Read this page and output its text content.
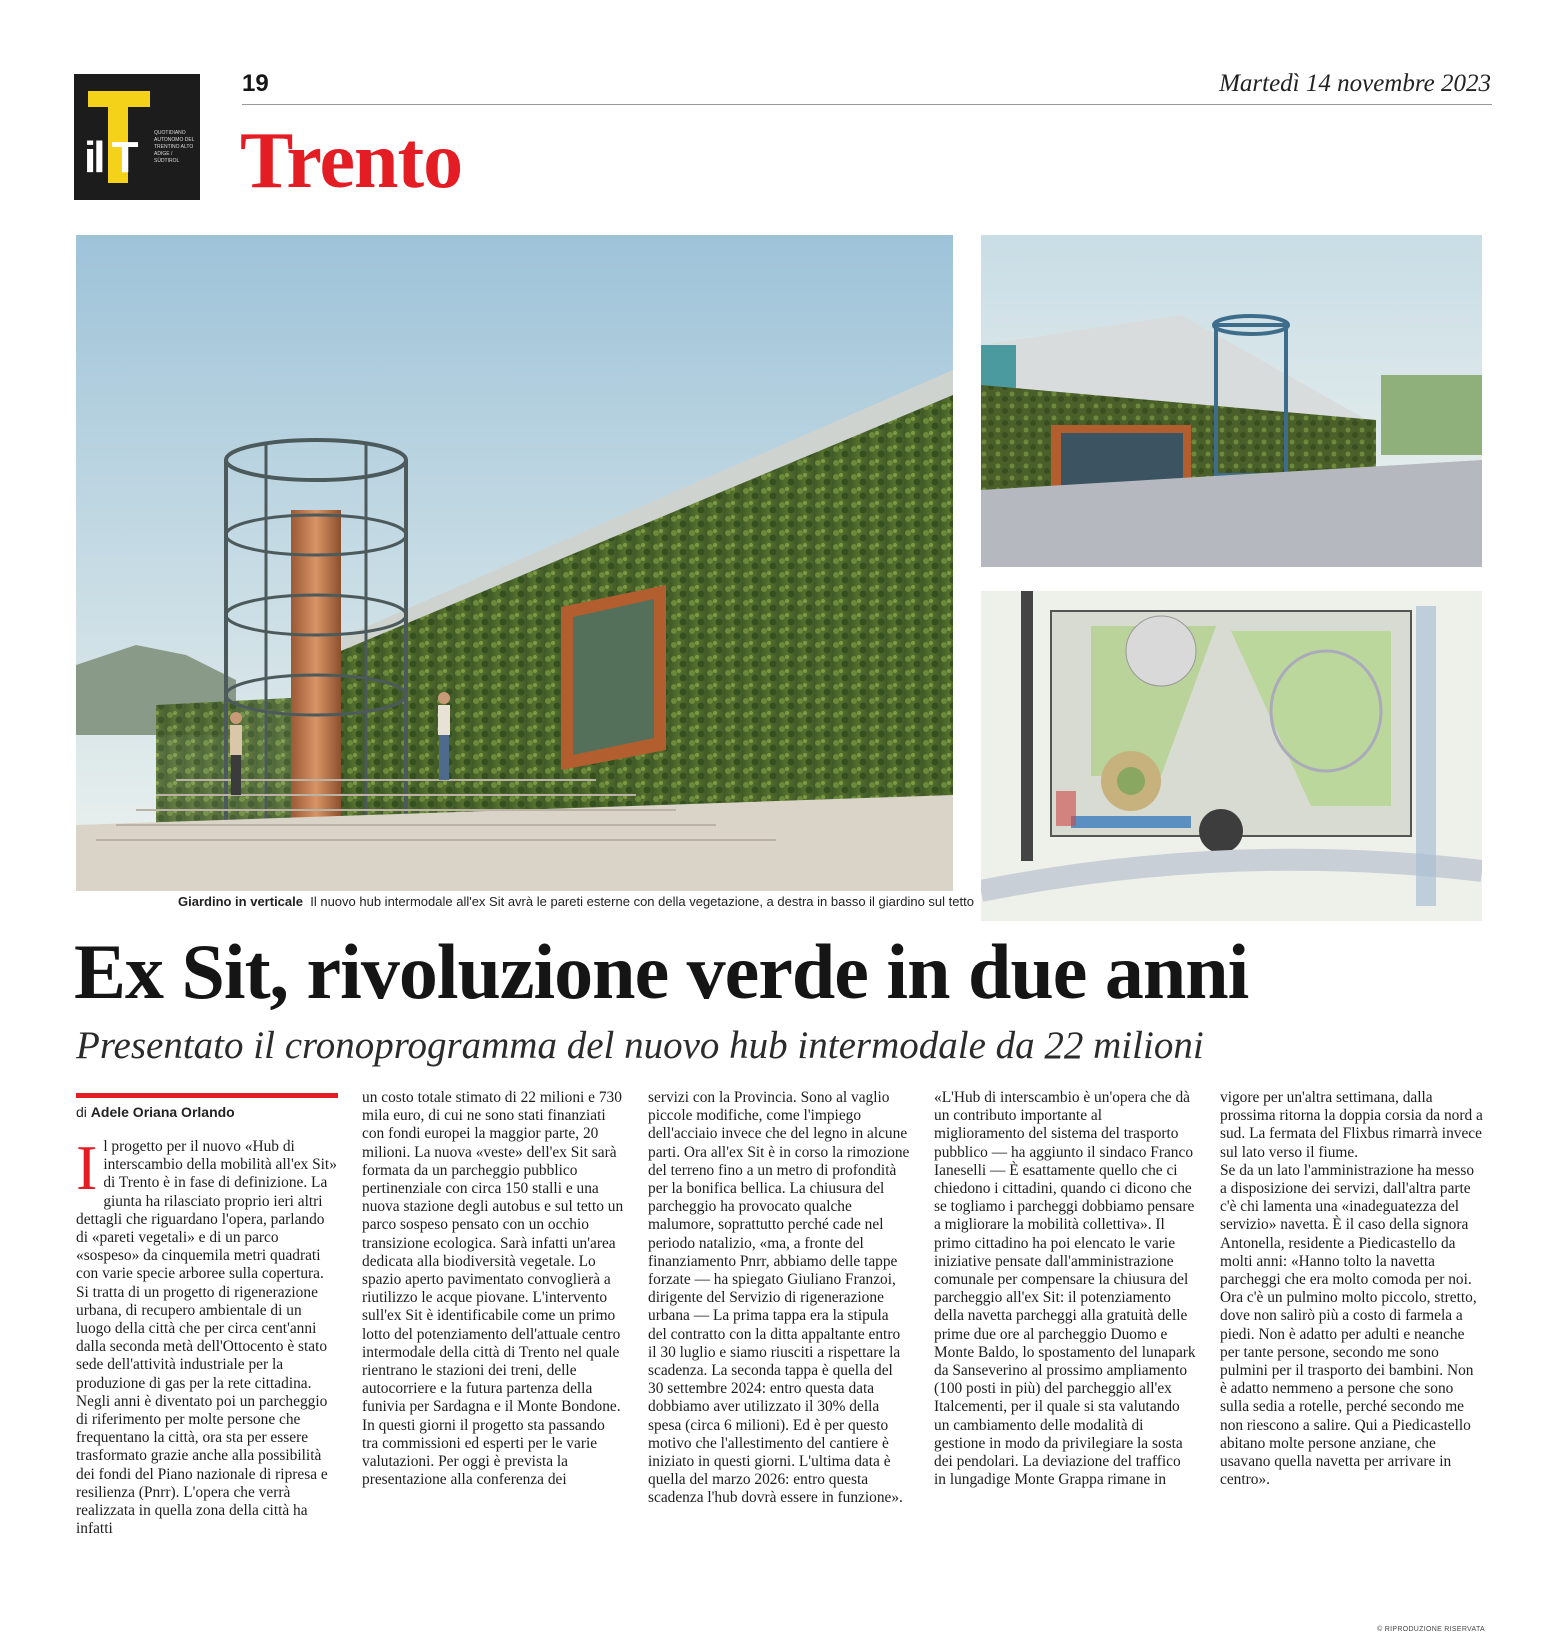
il T	QUOTIDIANO AUTONOMO DEL TRENTINO ALTO ADIGE / SÜDTIROL
19	Martedì 14 novembre 2023
Trento
Giardino in verticale Il nuovo hub intermodale all'ex Sit avrà le pareti esterne con della vegetazione, a destra in basso il giardino sul tetto
Ex Sit, rivoluzione verde in due anni
Presentato il cronoprogramma del nuovo hub intermodale da 22 milioni
di Adele Oriana Orlando
Il progetto per il nuovo «Hub di interscambio della mobilità all'ex Sit» di Trento è in fase di definizione. La giunta ha rilasciato proprio ieri altri dettagli che riguardano l'opera, parlando di «pareti vegetali» e di un parco «sospeso» da cinquemila metri quadrati con varie specie arboree sulla copertura. Si tratta di un progetto di rigenerazione urbana, di recupero ambientale di un luogo della città che per circa cent'anni dalla seconda metà dell'Ottocento è stato sede dell'attività industriale per la produzione di gas per la rete cittadina. Negli anni è diventato poi un parcheggio di riferimento per molte persone che frequentano la città, ora sta per essere trasformato grazie anche alla possibilità dei fondi del Piano nazionale di ripresa e resilienza (Pnrr). L'opera che verrà realizzata in quella zona della città ha infatti

un costo totale stimato di 22 milioni e 730 mila euro, di cui ne sono stati finanziati con fondi europei la maggior parte, 20 milioni. La nuova «veste» dell'ex Sit sarà formata da un parcheggio pubblico pertinenziale con circa 150 stalli e una nuova stazione degli autobus e sul tetto un parco sospeso pensato con un occhio transizione ecologica. Sarà infatti un'area dedicata alla biodiversità vegetale. Lo spazio aperto pavimentato convoglierà a riutilizzo le acque piovane. L'intervento sull'ex Sit è identificabile come un primo lotto del potenziamento dell'attuale centro intermodale della città di Trento nel quale rientrano le stazioni dei treni, delle autocorriere e la futura partenza della funivia per Sardagna e il Monte Bondone. In questi giorni il progetto sta passando tra commissioni ed esperti per le varie valutazioni. Per oggi è prevista la presentazione alla conferenza dei

servizi con la Provincia. Sono al vaglio piccole modifiche, come l'impiego dell'acciaio invece che del legno in alcune parti. Ora all'ex Sit è in corso la rimozione del terreno fino a un metro di profondità per la bonifica bellica. La chiusura del parcheggio ha provocato qualche malumore, soprattutto perché cade nel periodo natalizio, «ma, a fronte del finanziamento Pnrr, abbiamo delle tappe forzate — ha spiegato Giuliano Franzoi, dirigente del Servizio di rigenerazione urbana — La prima tappa era la stipula del contratto con la ditta appaltante entro il 30 luglio e siamo riusciti a rispettare la scadenza. La seconda tappa è quella del 30 settembre 2024: entro questa data dobbiamo aver utilizzato il 30% della spesa (circa 6 milioni). Ed è per questo motivo che l'allestimento del cantiere è iniziato in questi giorni. L'ultima data è quella del marzo 2026: entro questa scadenza l'hub dovrà essere in funzione».

«L'Hub di interscambio è un'opera che dà un contributo importante al miglioramento del sistema del trasporto pubblico — ha aggiunto il sindaco Franco Ianeselli — È esattamente quello che ci chiedono i cittadini, quando ci dicono che se togliamo i parcheggi dobbiamo pensare a migliorare la mobilità collettiva». Il primo cittadino ha poi elencato le varie iniziative pensate dall'amministrazione comunale per compensare la chiusura del parcheggio all'ex Sit: il potenziamento della navetta parcheggi alla gratuità delle prime due ore al parcheggio Duomo e Monte Baldo, lo spostamento del lunapark da Sanseverino al prossimo ampliamento (100 posti in più) del parcheggio all'ex Italcementi, per il quale si sta valutando un cambiamento delle modalità di gestione in modo da privilegiare la sosta dei pendolari. La deviazione del traffico in lungadige Monte Grappa rimane in

vigore per un'altra settimana, dalla prossima ritorna la doppia corsia da nord a sud. La fermata del Flixbus rimarrà invece sul lato verso il fiume.
Se da un lato l'amministrazione ha messo a disposizione dei servizi, dall'altra parte c'è chi lamenta una «inadeguatezza del servizio» navetta. È il caso della signora Antonella, residente a Piedicastello da molti anni: «Hanno tolto la navetta parcheggi che era molto comoda per noi. Ora c'è un pulmino molto piccolo, stretto, dove non salirò più a costo di farmela a piedi. Non è adatto per adulti e neanche per tante persone, secondo me sono pulmini per il trasporto dei bambini. Non è adatto nemmeno a persone che sono sulla sedia a rotelle, perché secondo me non riescono a salire. Qui a Piedicastello abitano molte persone anziane, che usavano quella navetta per arrivare in centro».

© RIPRODUZIONE RISERVATA
